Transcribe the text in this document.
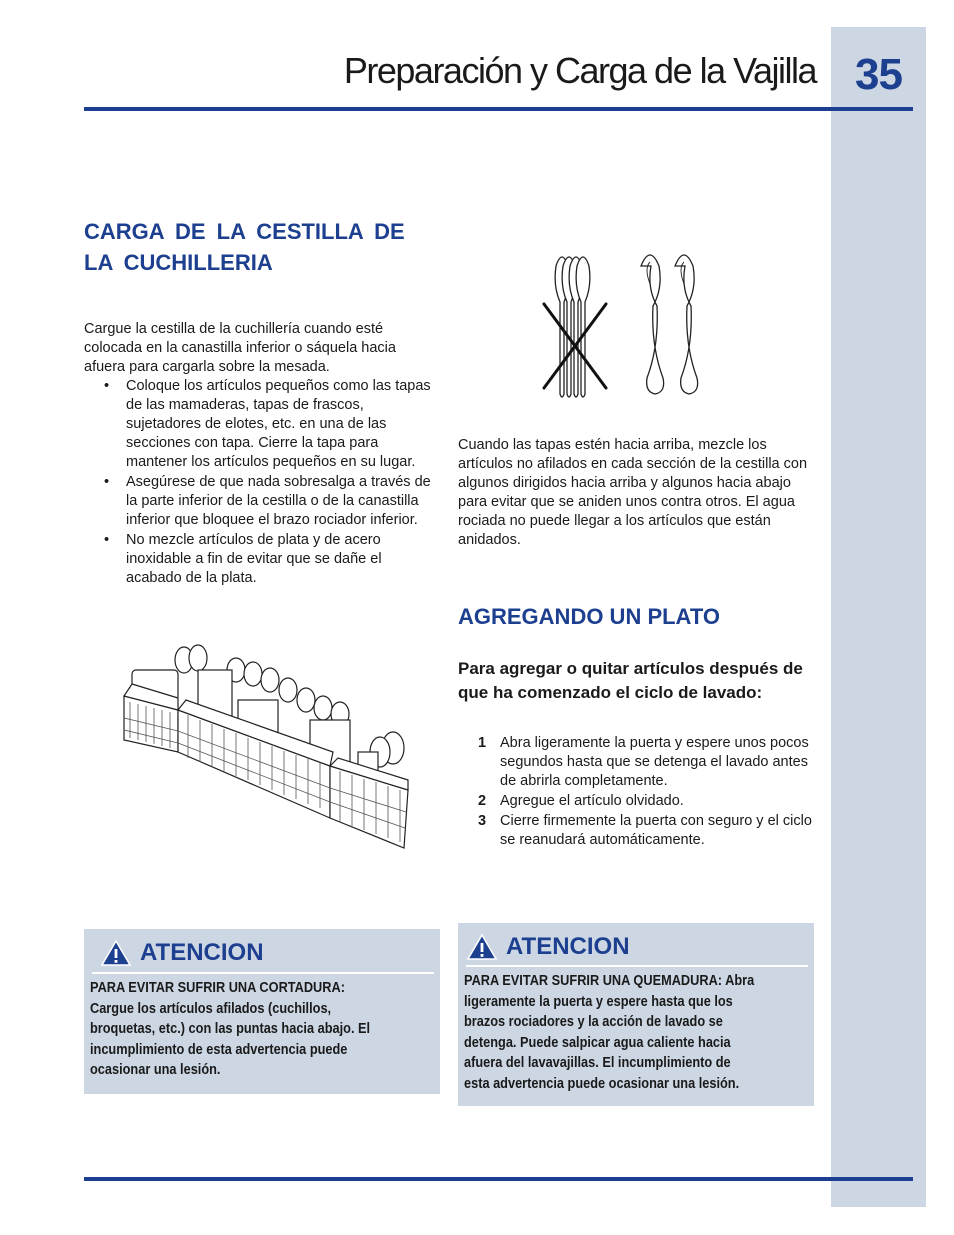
35
Preparación y Carga de la Vajilla
CARGA DE LA CESTILLA DE LA CUCHILLERIA
Cargue la cestilla de la cuchillería cuando esté colocada en la canastilla inferior o sáquela hacia afuera para cargarla sobre la mesada.
• Coloque los artículos pequeños como las tapas de las mamaderas, tapas de frascos, sujetadores de elotes, etc. en una de las secciones con tapa. Cierre la tapa para mantener los artículos pequeños en su lugar.
• Asegúrese de que nada sobresalga a través de la parte inferior de la cestilla o de la canastilla inferior que bloquee el brazo rociador inferior.
• No mezcle artículos de plata y de acero inoxidable a fin de evitar que se dañe el acabado de la plata.
Cuando las tapas estén hacia arriba, mezcle los artículos no afilados en cada sección de la cestilla con algunos dirigidos hacia arriba y algunos hacia abajo para evitar que se aniden unos contra otros. El agua rociada no puede llegar a los artículos que están anidados.
AGREGANDO UN PLATO
Para agregar o quitar artículos después de que ha comenzado el ciclo de lavado:
1 Abra ligeramente la puerta y espere unos pocos segundos hasta que se detenga el lavado antes de abrirla completamente.
2 Agregue el artículo olvidado.
3 Cierre firmemente la puerta con seguro y el ciclo se reanudará automáticamente.
ATENCION
PARA EVITAR SUFRIR UNA CORTADURA:
Cargue los artículos afilados (cuchillos,
broquetas, etc.) con las puntas hacia abajo. El
incumplimiento de esta advertencia puede
ocasionar una lesión.
ATENCION
PARA EVITAR SUFRIR UNA QUEMADURA: Abra
ligeramente la puerta y espere hasta que los
brazos rociadores y la acción de lavado se
detenga. Puede salpicar agua caliente hacia
afuera del lavavajillas. El incumplimiento de
esta advertencia puede ocasionar una lesión.
